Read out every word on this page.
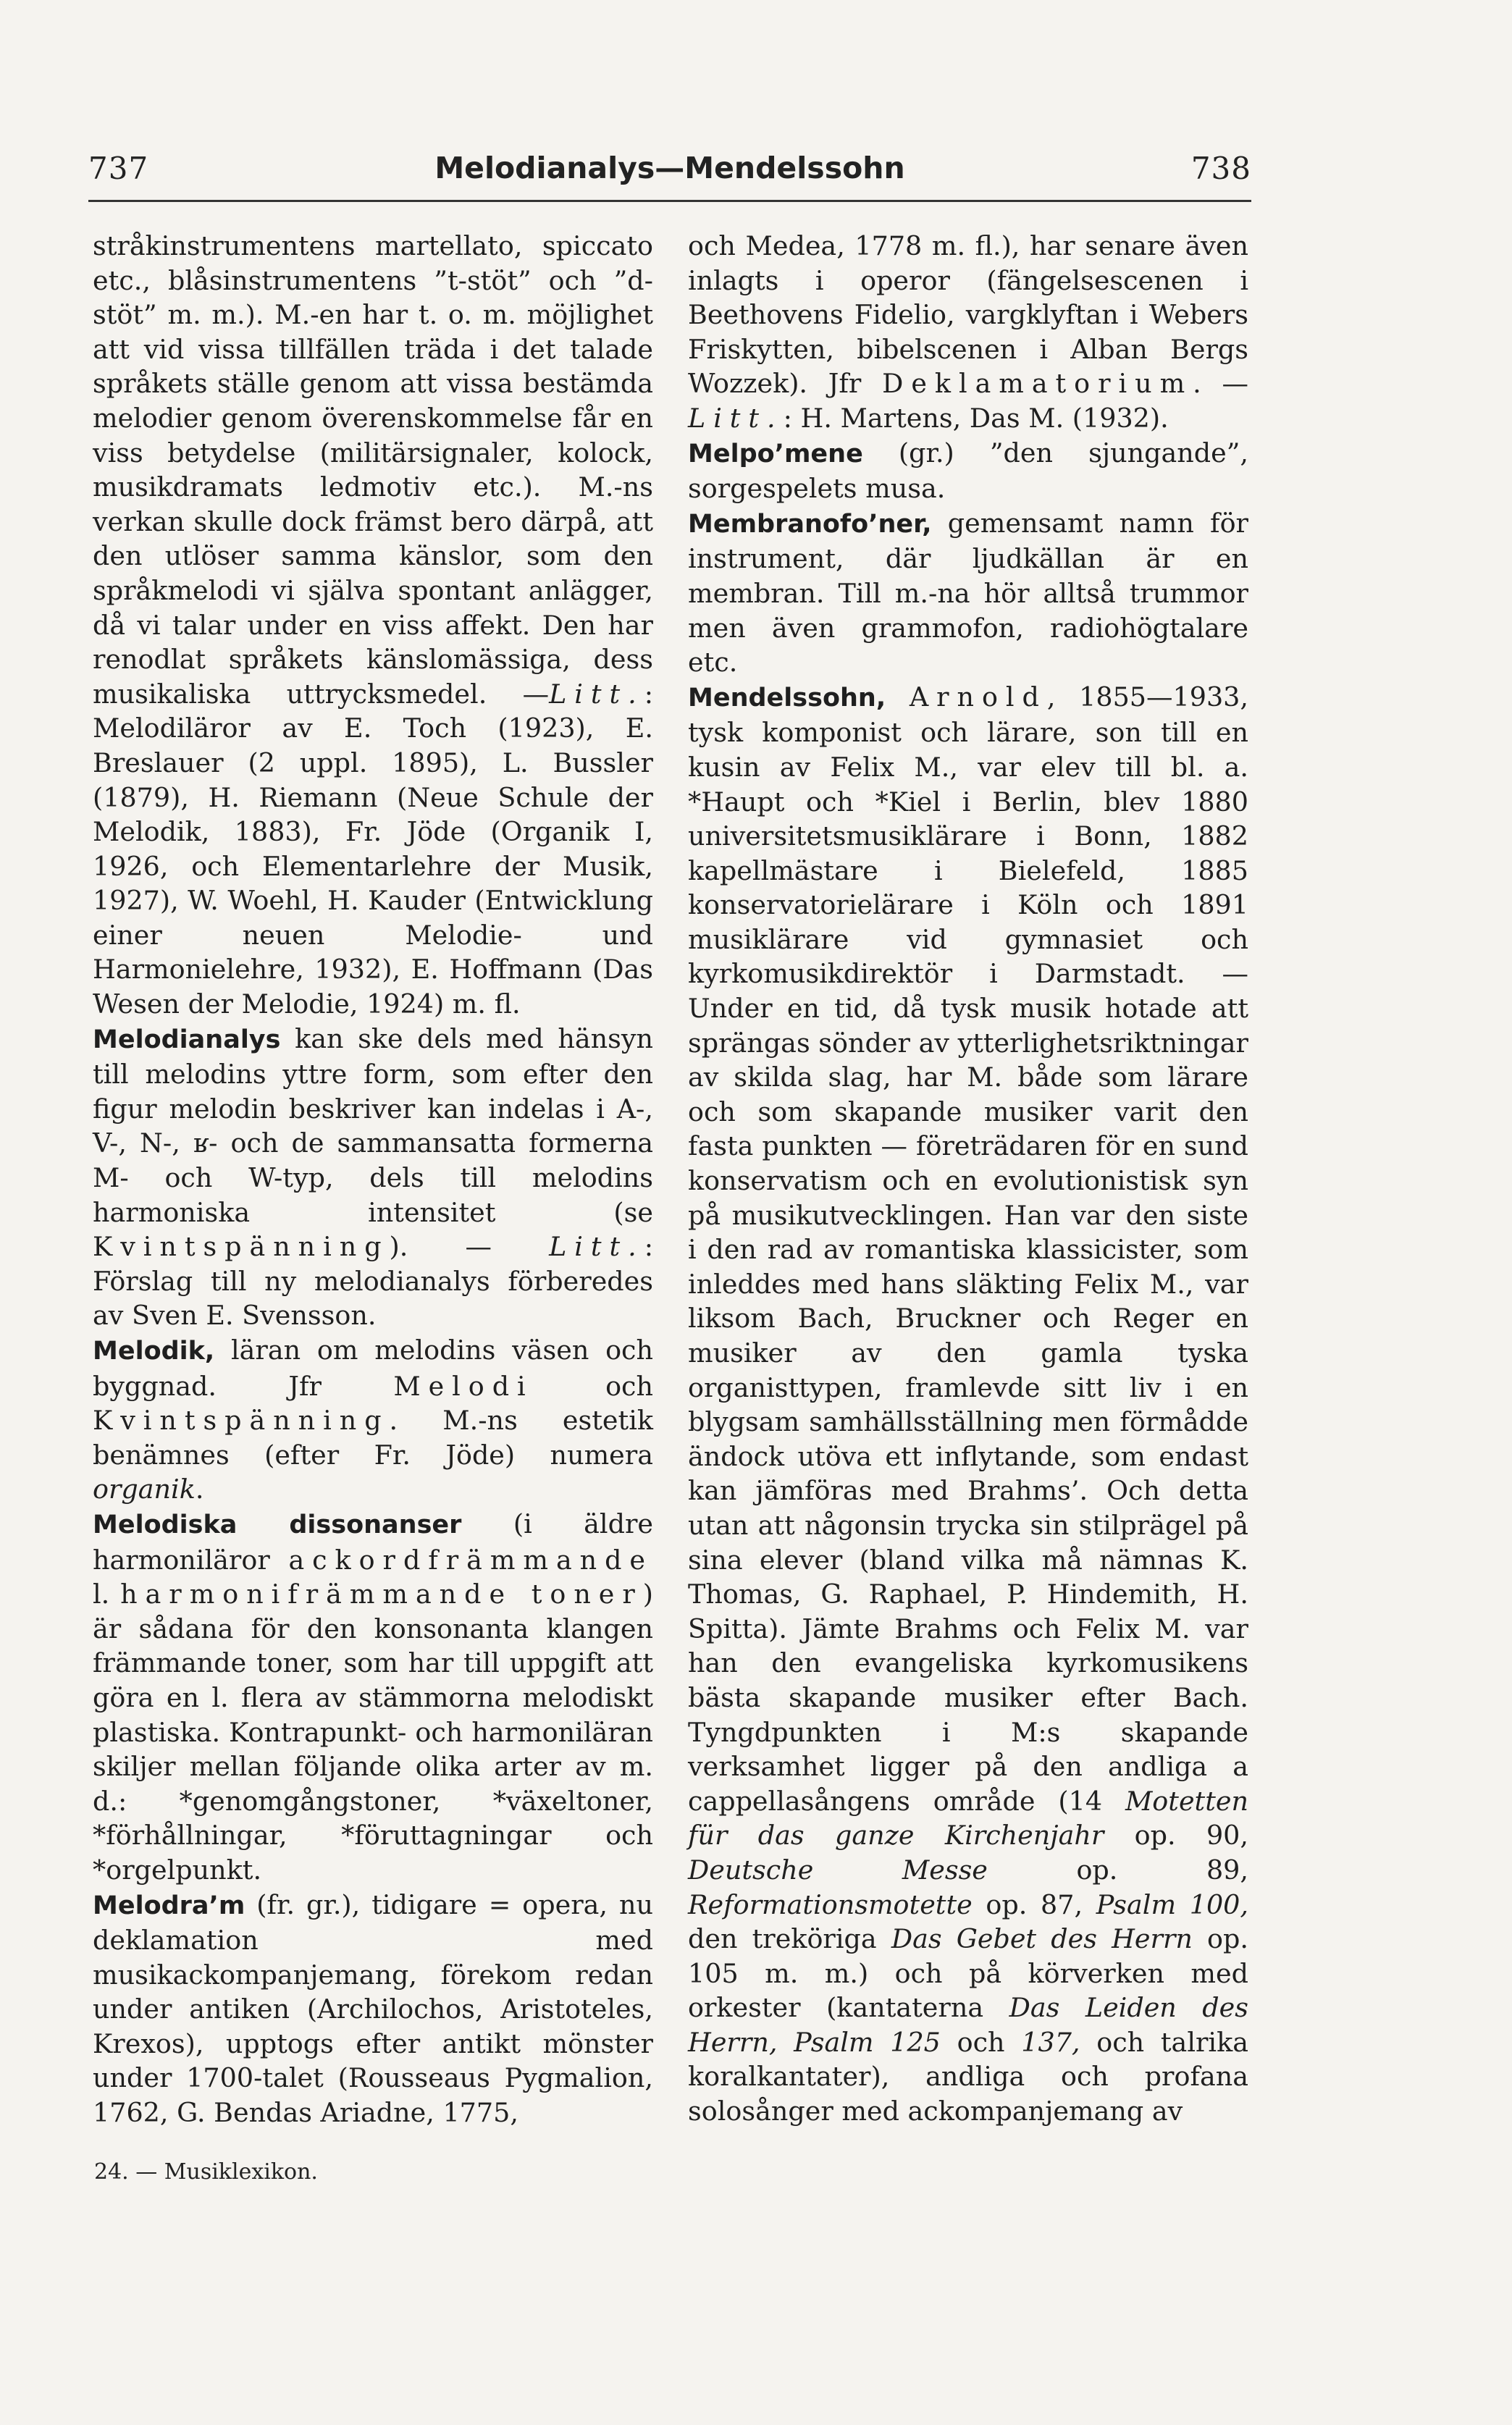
737	Melodianalys—Mendelssohn	738

stråkinstrumentens martellato, spiccato etc., blåsinstrumentens ”t-stöt” och ”d-stöt” m. m.). M.-en har t. o. m. möjlighet att vid vissa tillfällen träda i det talade språkets ställe genom att vissa bestämda melodier genom överenskommelse får en viss betydelse (militärsignaler, kolock, musikdramats ledmotiv etc.). M.-ns verkan skulle dock främst bero därpå, att den utlöser samma känslor, som den språkmelodi vi själva spontant anlägger, då vi talar under en viss affekt. Den har renodlat språkets känslomässiga, dess musikaliska uttrycksmedel. —Litt.: Melodiläror av E. Toch (1923), E. Breslauer (2 uppl. 1895), L. Bussler (1879), H. Riemann (Neue Schule der Melodik, 1883), Fr. Jöde (Organik I, 1926, och Elementarlehre der Musik, 1927), W. Woehl, H. Kauder (Entwicklung einer neuen Melodie- und Harmonielehre, 1932), E. Hoffmann (Das Wesen der Melodie, 1924) m. fl.

Melodianalys kan ske dels med hänsyn till melodins yttre form, som efter den figur melodin beskriver kan indelas i A-, V-, N-, ʁ- och de sammansatta formerna M- och W-typ, dels till melodins harmoniska intensitet (se Kvintspänning). — Litt.: Förslag till ny melodianalys förberedes av Sven E. Svensson.

Melodik, läran om melodins väsen och byggnad. Jfr Melodi och Kvintspänning. M.-ns estetik benämnes (efter Fr. Jöde) numera organik.

Melodiska dissonanser (i äldre harmoniläror ackordfrämmande l. harmonifrämmande toner) är sådana för den konsonanta klangen främmande toner, som har till uppgift att göra en l. flera av stämmorna melodiskt plastiska. Kontrapunkt- och harmoniläran skiljer mellan följande olika arter av m. d.: *genomgångstoner, *växeltoner, *förhållningar, *föruttagningar och *orgelpunkt.

Melodra’m (fr. gr.), tidigare = opera, nu deklamation med musikackompanjemang, förekom redan under antiken (Archilochos, Aristoteles, Krexos), upptogs efter antikt mönster under 1700-talet (Rousseaus Pygmalion, 1762, G. Bendas Ariadne, 1775,

och Medea, 1778 m. fl.), har senare även inlagts i operor (fängelsescenen i Beethovens Fidelio, vargklyftan i Webers Friskytten, bibelscenen i Alban Bergs Wozzek). Jfr Deklamatorium. — Litt.: H. Martens, Das M. (1932).

Melpo’mene (gr.) ”den sjungande”, sorgespelets musa.

Membranofo’ner, gemensamt namn för instrument, där ljudkällan är en membran. Till m.-na hör alltså trummor men även grammofon, radiohögtalare etc.

Mendelssohn, Arnold, 1855—1933, tysk komponist och lärare, son till en kusin av Felix M., var elev till bl. a. *Haupt och *Kiel i Berlin, blev 1880 universitetsmusiklärare i Bonn, 1882 kapellmästare i Bielefeld, 1885 konservatorielärare i Köln och 1891 musiklärare vid gymnasiet och kyrkomusikdirektör i Darmstadt. — Under en tid, då tysk musik hotade att sprängas sönder av ytterlighetsriktningar av skilda slag, har M. både som lärare och som skapande musiker varit den fasta punkten — företrädaren för en sund konservatism och en evolutionistisk syn på musikutvecklingen. Han var den siste i den rad av romantiska klassicister, som inleddes med hans släkting Felix M., var liksom Bach, Bruckner och Reger en musiker av den gamla tyska organisttypen, framlevde sitt liv i en blygsam samhällsställning men förmådde ändock utöva ett inflytande, som endast kan jämföras med Brahms’. Och detta utan att någonsin trycka sin stilprägel på sina elever (bland vilka må nämnas K. Thomas, G. Raphael, P. Hindemith, H. Spitta). Jämte Brahms och Felix M. var han den evangeliska kyrkomusikens bästa skapande musiker efter Bach. Tyngdpunkten i M:s skapande verksamhet ligger på den andliga a cappellasångens område (14 Motetten für das ganze Kirchenjahr op. 90, Deutsche Messe op. 89, Reformationsmotette op. 87, Psalm 100, den treköriga Das Gebet des Herrn op. 105 m. m.) och på körverken med orkester (kantaterna Das Leiden des Herrn, Psalm 125 och 137, och talrika koralkantater), andliga och profana solosånger med ackompanjemang av

24. — Musiklexikon.
